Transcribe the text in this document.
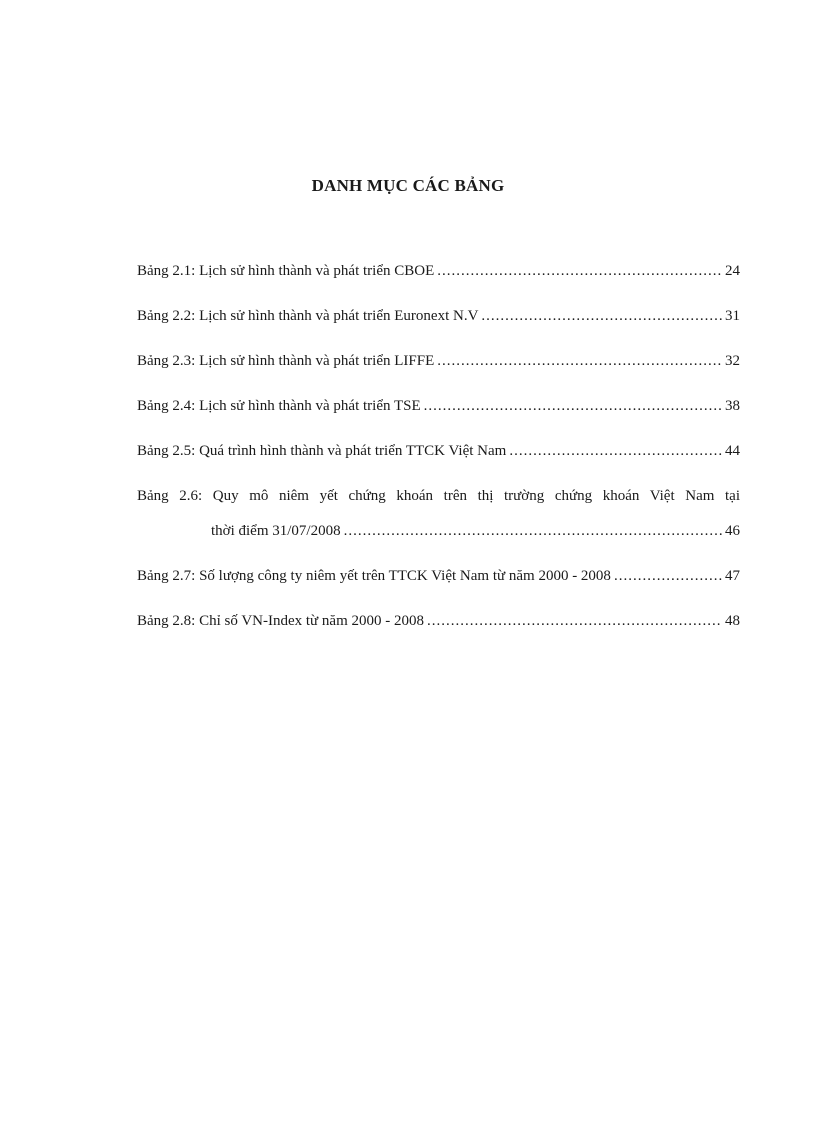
DANH MỤC CÁC BẢNG
Bảng 2.1: Lịch sử hình thành và phát triển CBOE .....	24
Bảng 2.2: Lịch sử hình thành và phát triển Euronext N.V .....	31
Bảng 2.3: Lịch sử hình thành và phát triển LIFFE .....	32
Bảng 2.4: Lịch sử hình thành và phát triển TSE .....	38
Bảng 2.5: Quá trình hình thành và phát triển TTCK Việt Nam .....	44
Bảng 2.6: Quy mô niêm yết chứng khoán trên thị trường chứng khoán Việt Nam tại
thời điểm 31/07/2008 .....	46
Bảng 2.7: Số lượng công ty niêm yết trên TTCK Việt Nam từ năm 2000 - 2008 .....	47
Bảng 2.8: Chỉ số VN-Index từ năm 2000 - 2008 .....	48
